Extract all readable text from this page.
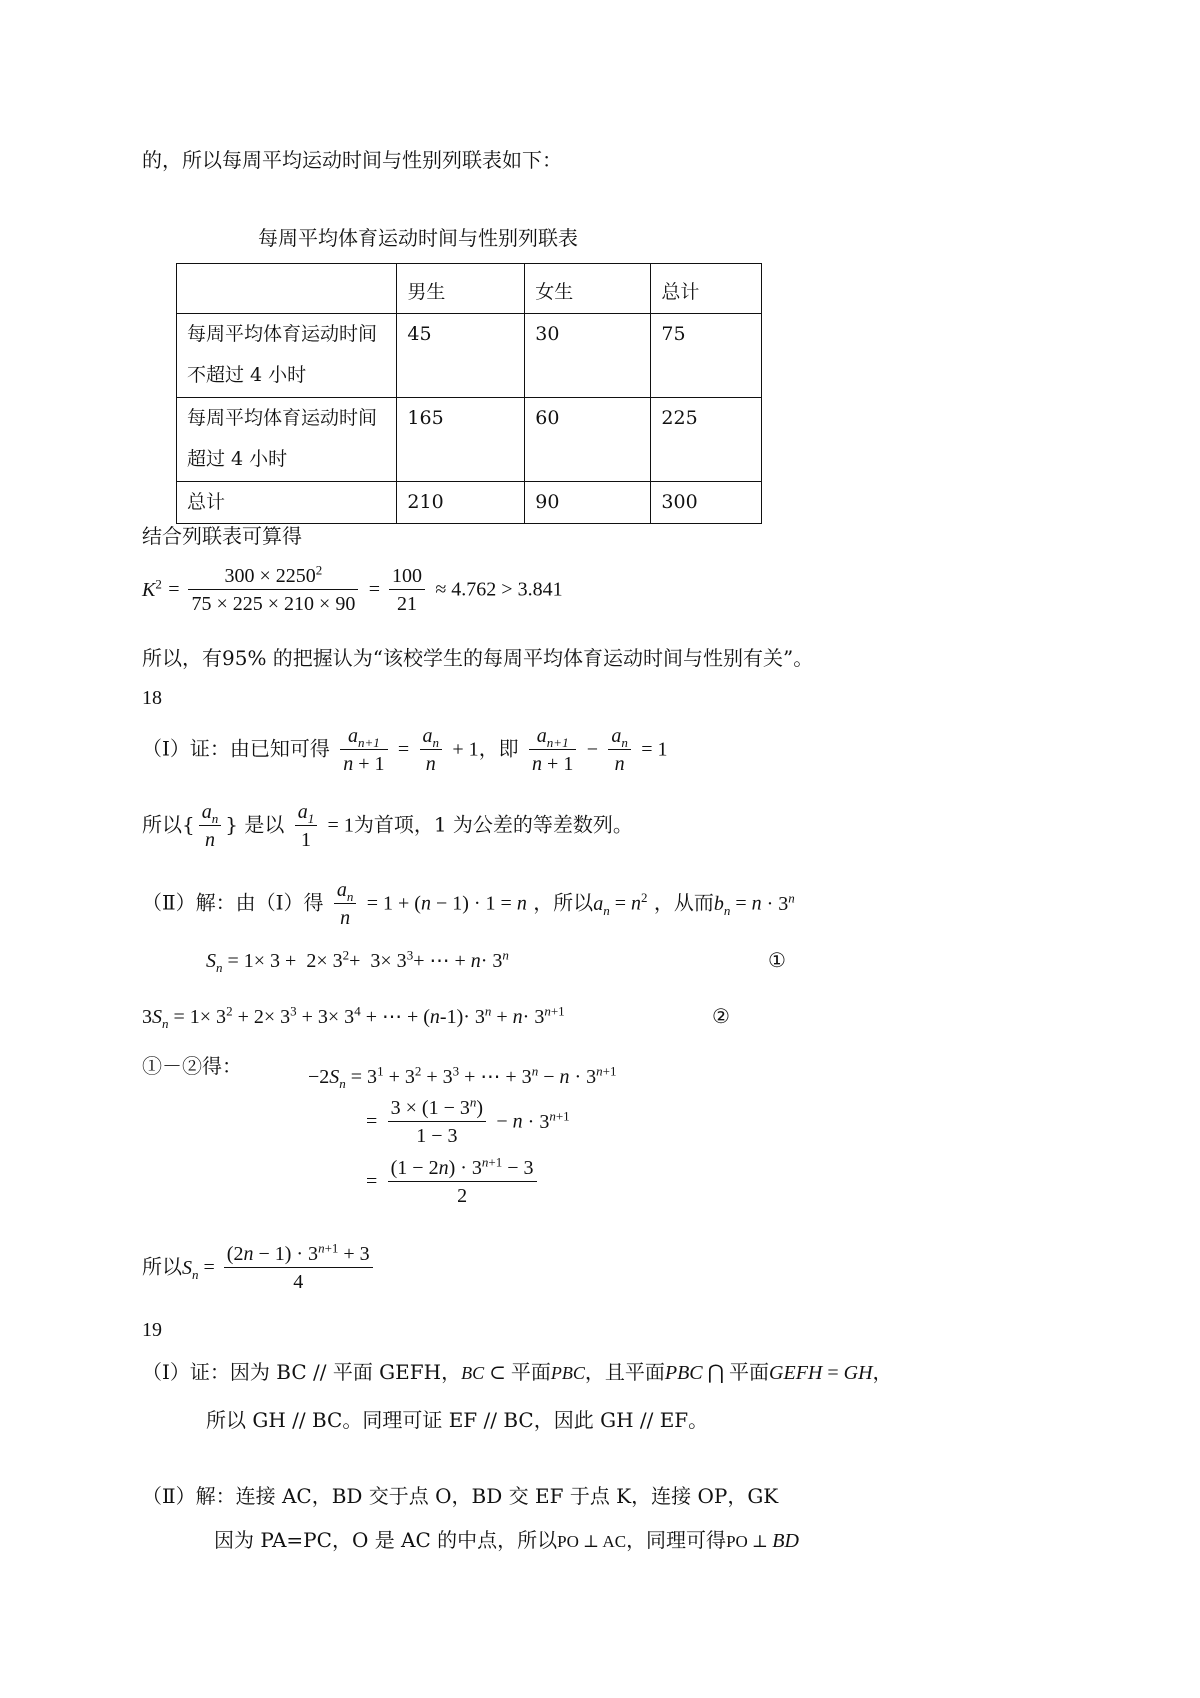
的，所以每周平均运动时间与性别列联表如下：
每周平均体育运动时间与性别列联表
	男生	女生	总计

每周平均体育运动时间
不超过 4 小时	45	30	75

每周平均体育运动时间
超过 4 小时	165	60	225
总计	210	90	300
结合列联表可算得
$K^2 = \frac{300 \times 2250^2}{75 \times 225 \times 210 \times 90} = \frac{100}{21} \approx 4.762 > 3.841$
所以，有95% 的把握认为“该校学生的每周平均体育运动时间与性别有关”。
18
（Ⅰ）证：由已知可得 $\frac{a_{n+1}}{n + 1} = \frac{a_n}{n} + 1$，即 $\frac{a_{n+1}}{n + 1} - \frac{a_n}{n} = 1$
所以{ $\frac{a_n}{n}$ } 是以 $\frac{a_1}{1} = 1$为首项，1 为公差的等差数列。
（Ⅱ）解：由（Ⅰ）得 $\frac{a_n}{n} = 1 + (n - 1) \cdot 1 = n$ ，所以$a_n = n^2$ ，从而$b_n = n \cdot 3^n$
$S_n = 1\times 3 + 2\times 3^2+ 3\times 3^3+$ ⋯ + $n\cdot 3^n$	①
$3S_n = 1\times 3^2 + 2\times 3^3 + 3\times 3^4$ + ⋯ + $(n-1)\cdot 3^n + n\cdot 3^{n+1}$	②
①－②得：	$-2S_n = 3^1 + 3^2 + 3^3$ + ⋯ + $3^n - n \cdot 3^{n+1}$
= $\frac{3 \times (1 - 3^n)}{1 - 3} - n \cdot 3^{n+1}$
= $\frac{(1 - 2n) \cdot 3^{n+1} - 3}{2}$
所以$S_n = \frac{(2n - 1) \cdot 3^{n+1} + 3}{4}$
19
（Ⅰ）证：因为 BC // 平面 GEFH，BC ⊂ 平面PBC，且平面PBC ⋂ 平面GEFH = GH，
所以 GH // BC。同理可证 EF // BC，因此 GH // EF。
（Ⅱ）解：连接 AC，BD 交于点 O，BD 交 EF 于点 K，连接 OP，GK
因为 PA=PC，O 是 AC 的中点，所以PO ⊥ AC，同理可得PO ⊥ BD
